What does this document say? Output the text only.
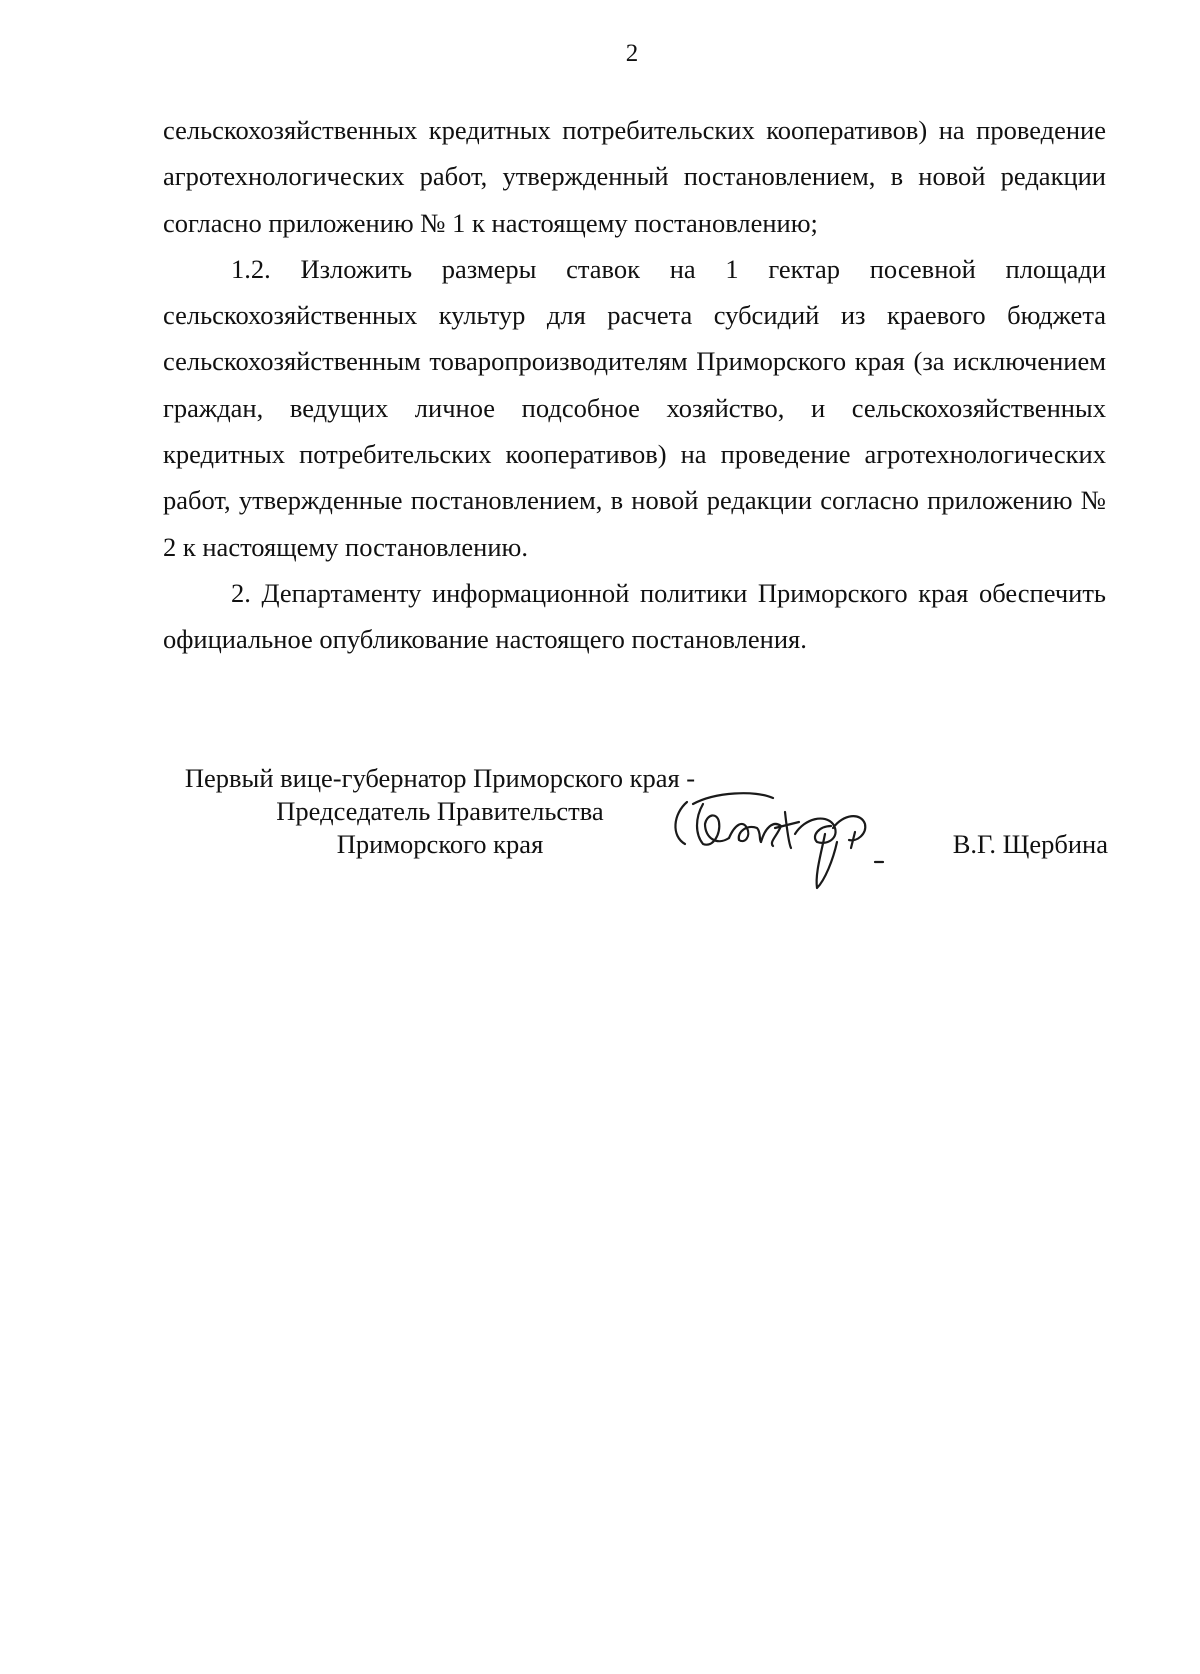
2

сельскохозяйственных кредитных потребительских кооперативов) на проведение агротехнологических работ, утвержденный постановлением, в новой редакции согласно приложению № 1 к настоящему постановлению;

1.2. Изложить размеры ставок на 1 гектар посевной площади сельскохозяйственных культур для расчета субсидий из краевого бюджета сельскохозяйственным товаропроизводителям Приморского края (за исключением граждан, ведущих личное подсобное хозяйство, и сельскохозяйственных кредитных потребительских кооперативов) на проведение агротехнологических работ, утвержденные постановлением, в новой редакции согласно приложению № 2 к настоящему постановлению.

2. Департаменту информационной политики Приморского края обеспечить официальное опубликование настоящего постановления.

Первый вице-губернатор Приморского края -
Председатель Правительства
Приморского края	В.Г. Щербина
